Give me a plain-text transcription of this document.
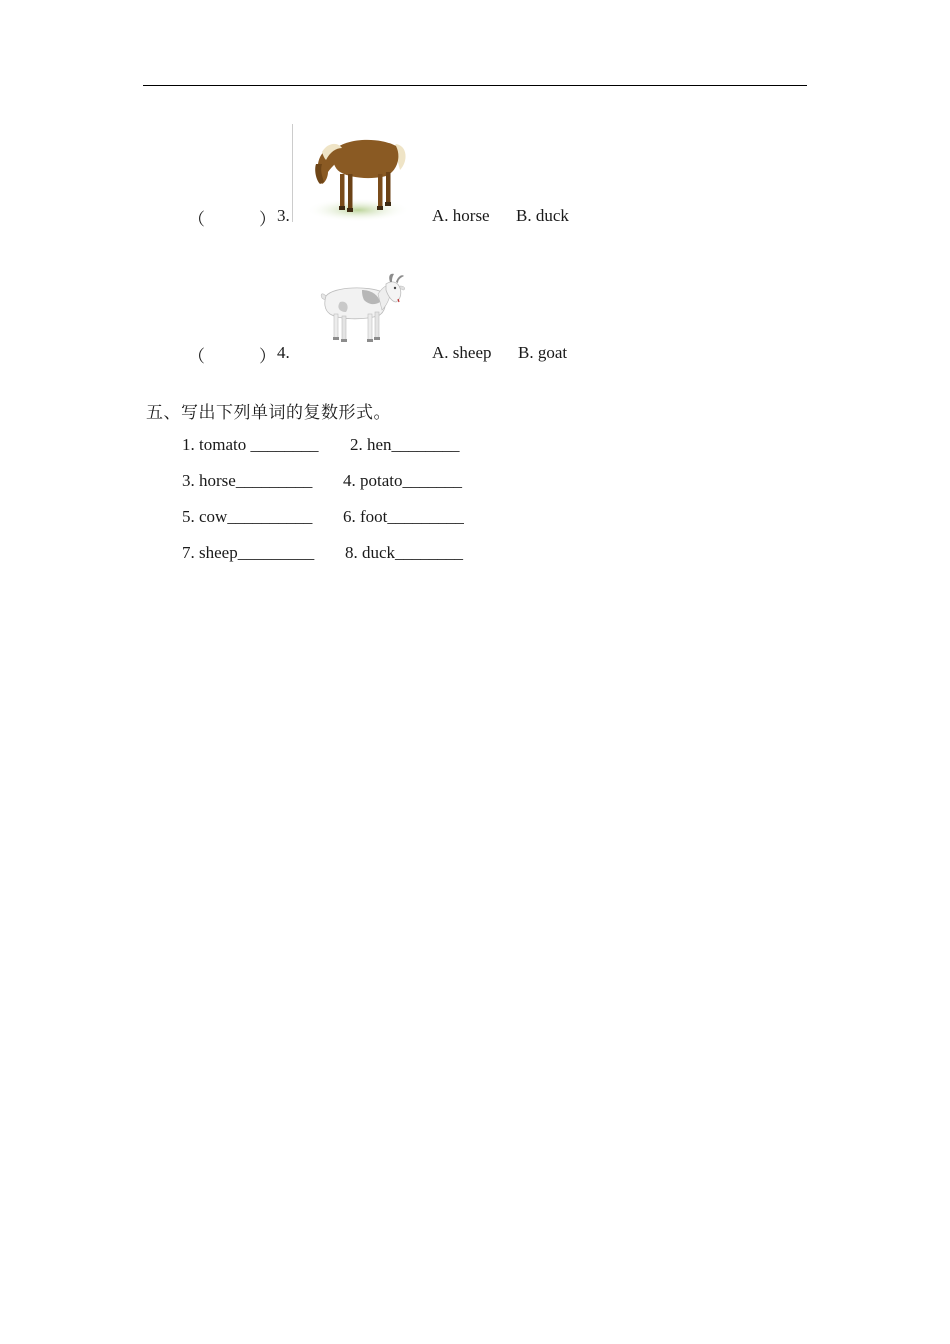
（	） 3.	A. horse B. duck
（	） 4.	A. sheep B. goat
五、写出下列单词的复数形式。
1. tomato ________ 2. hen________
3. horse_________ 4. potato_______
5. cow__________ 6. foot_________
7. sheep_________ 8. duck________
